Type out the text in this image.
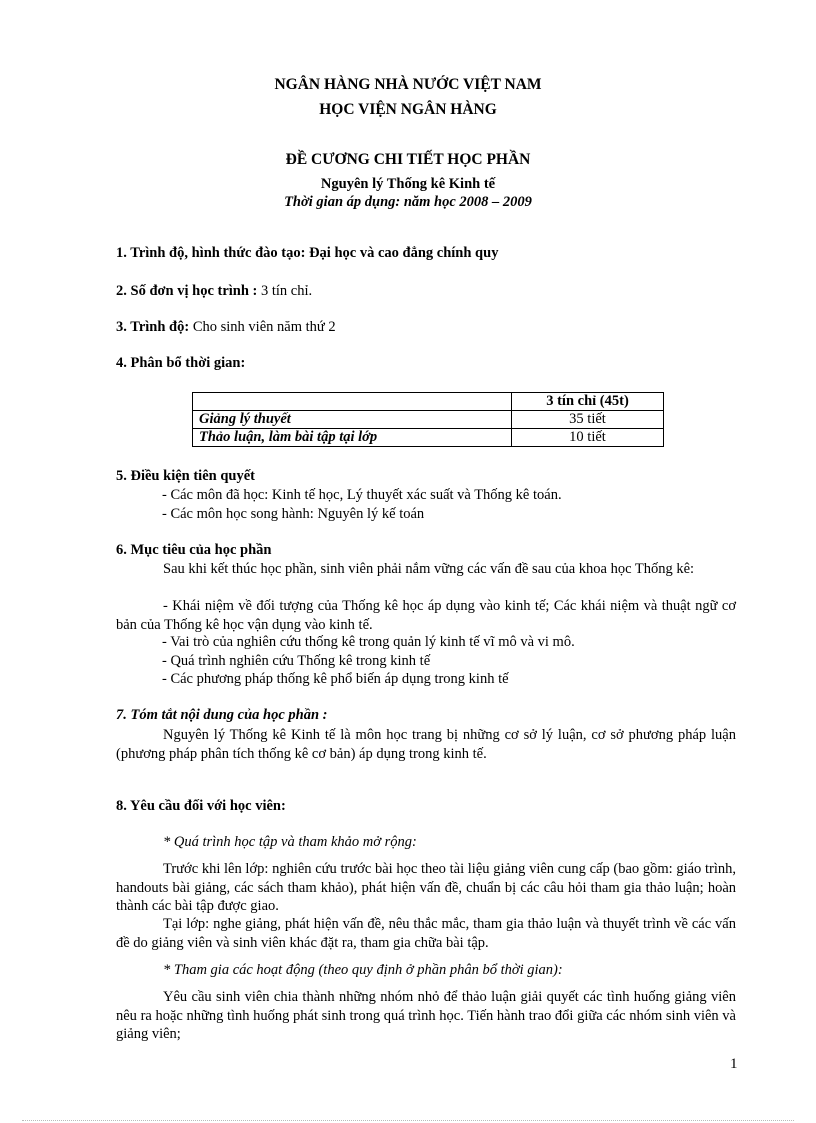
NGÂN HÀNG NHÀ NƯỚC VIỆT NAM
HỌC VIỆN NGÂN HÀNG
ĐỀ CƯƠNG CHI TIẾT HỌC PHẦN
Nguyên lý Thống kê Kinh tế
Thời gian áp dụng: năm học 2008 – 2009
1. Trình độ, hình thức đào tạo: Đại học và cao đẳng chính quy
2. Số đơn vị học trình : 3 tín chỉ.
3. Trình độ: Cho sinh viên năm thứ 2
4. Phân bổ thời gian:
	3 tín chỉ (45t)
Giảng lý thuyết	35 tiết
Thảo luận, làm bài tập tại lớp	10 tiết
5. Điều kiện tiên quyết
- Các môn đã học: Kinh tế học, Lý thuyết xác suất và Thống kê toán.
- Các môn học song hành: Nguyên lý kế toán
6. Mục tiêu của học phần
Sau khi kết thúc học phần, sinh viên phải nắm vững các vấn đề sau của khoa học Thống kê:
- Khái niệm về đối tượng của Thống kê học áp dụng vào kinh tế; Các khái niệm và thuật ngữ cơ bản của Thống kê học vận dụng vào kinh tế.
- Vai trò của nghiên cứu thống kê trong quản lý kinh tế vĩ mô và vi mô.
- Quá trình nghiên cứu Thống kê trong kinh tế
- Các phương pháp thống kê phổ biến áp dụng trong kinh tế
7. Tóm tắt nội dung của học phần :
Nguyên lý Thống kê Kinh tế là môn học trang bị những cơ sở lý luận, cơ sở phương pháp luận (phương pháp phân tích thống kê cơ bản) áp dụng trong kinh tế.
8. Yêu cầu đối với học viên:
* Quá trình học tập và tham khảo mở rộng:
Trước khi lên lớp: nghiên cứu trước bài học theo tài liệu giảng viên cung cấp (bao gồm: giáo trình, handouts bài giảng, các sách tham khảo), phát hiện vấn đề, chuẩn bị các câu hỏi tham gia thảo luận; hoàn thành các bài tập được giao.
Tại lớp: nghe giảng, phát hiện vấn đề, nêu thắc mắc, tham gia thảo luận và thuyết trình về các vấn đề do giảng viên và sinh viên khác đặt ra, tham gia chữa bài tập.
* Tham gia các hoạt động (theo quy định ở phần phân bổ thời gian):
Yêu cầu sinh viên chia thành những nhóm nhỏ để thảo luận giải quyết các tình huống giảng viên nêu ra hoặc những tình huống phát sinh trong quá trình học. Tiến hành trao đổi giữa các nhóm sinh viên và giảng viên;
1
